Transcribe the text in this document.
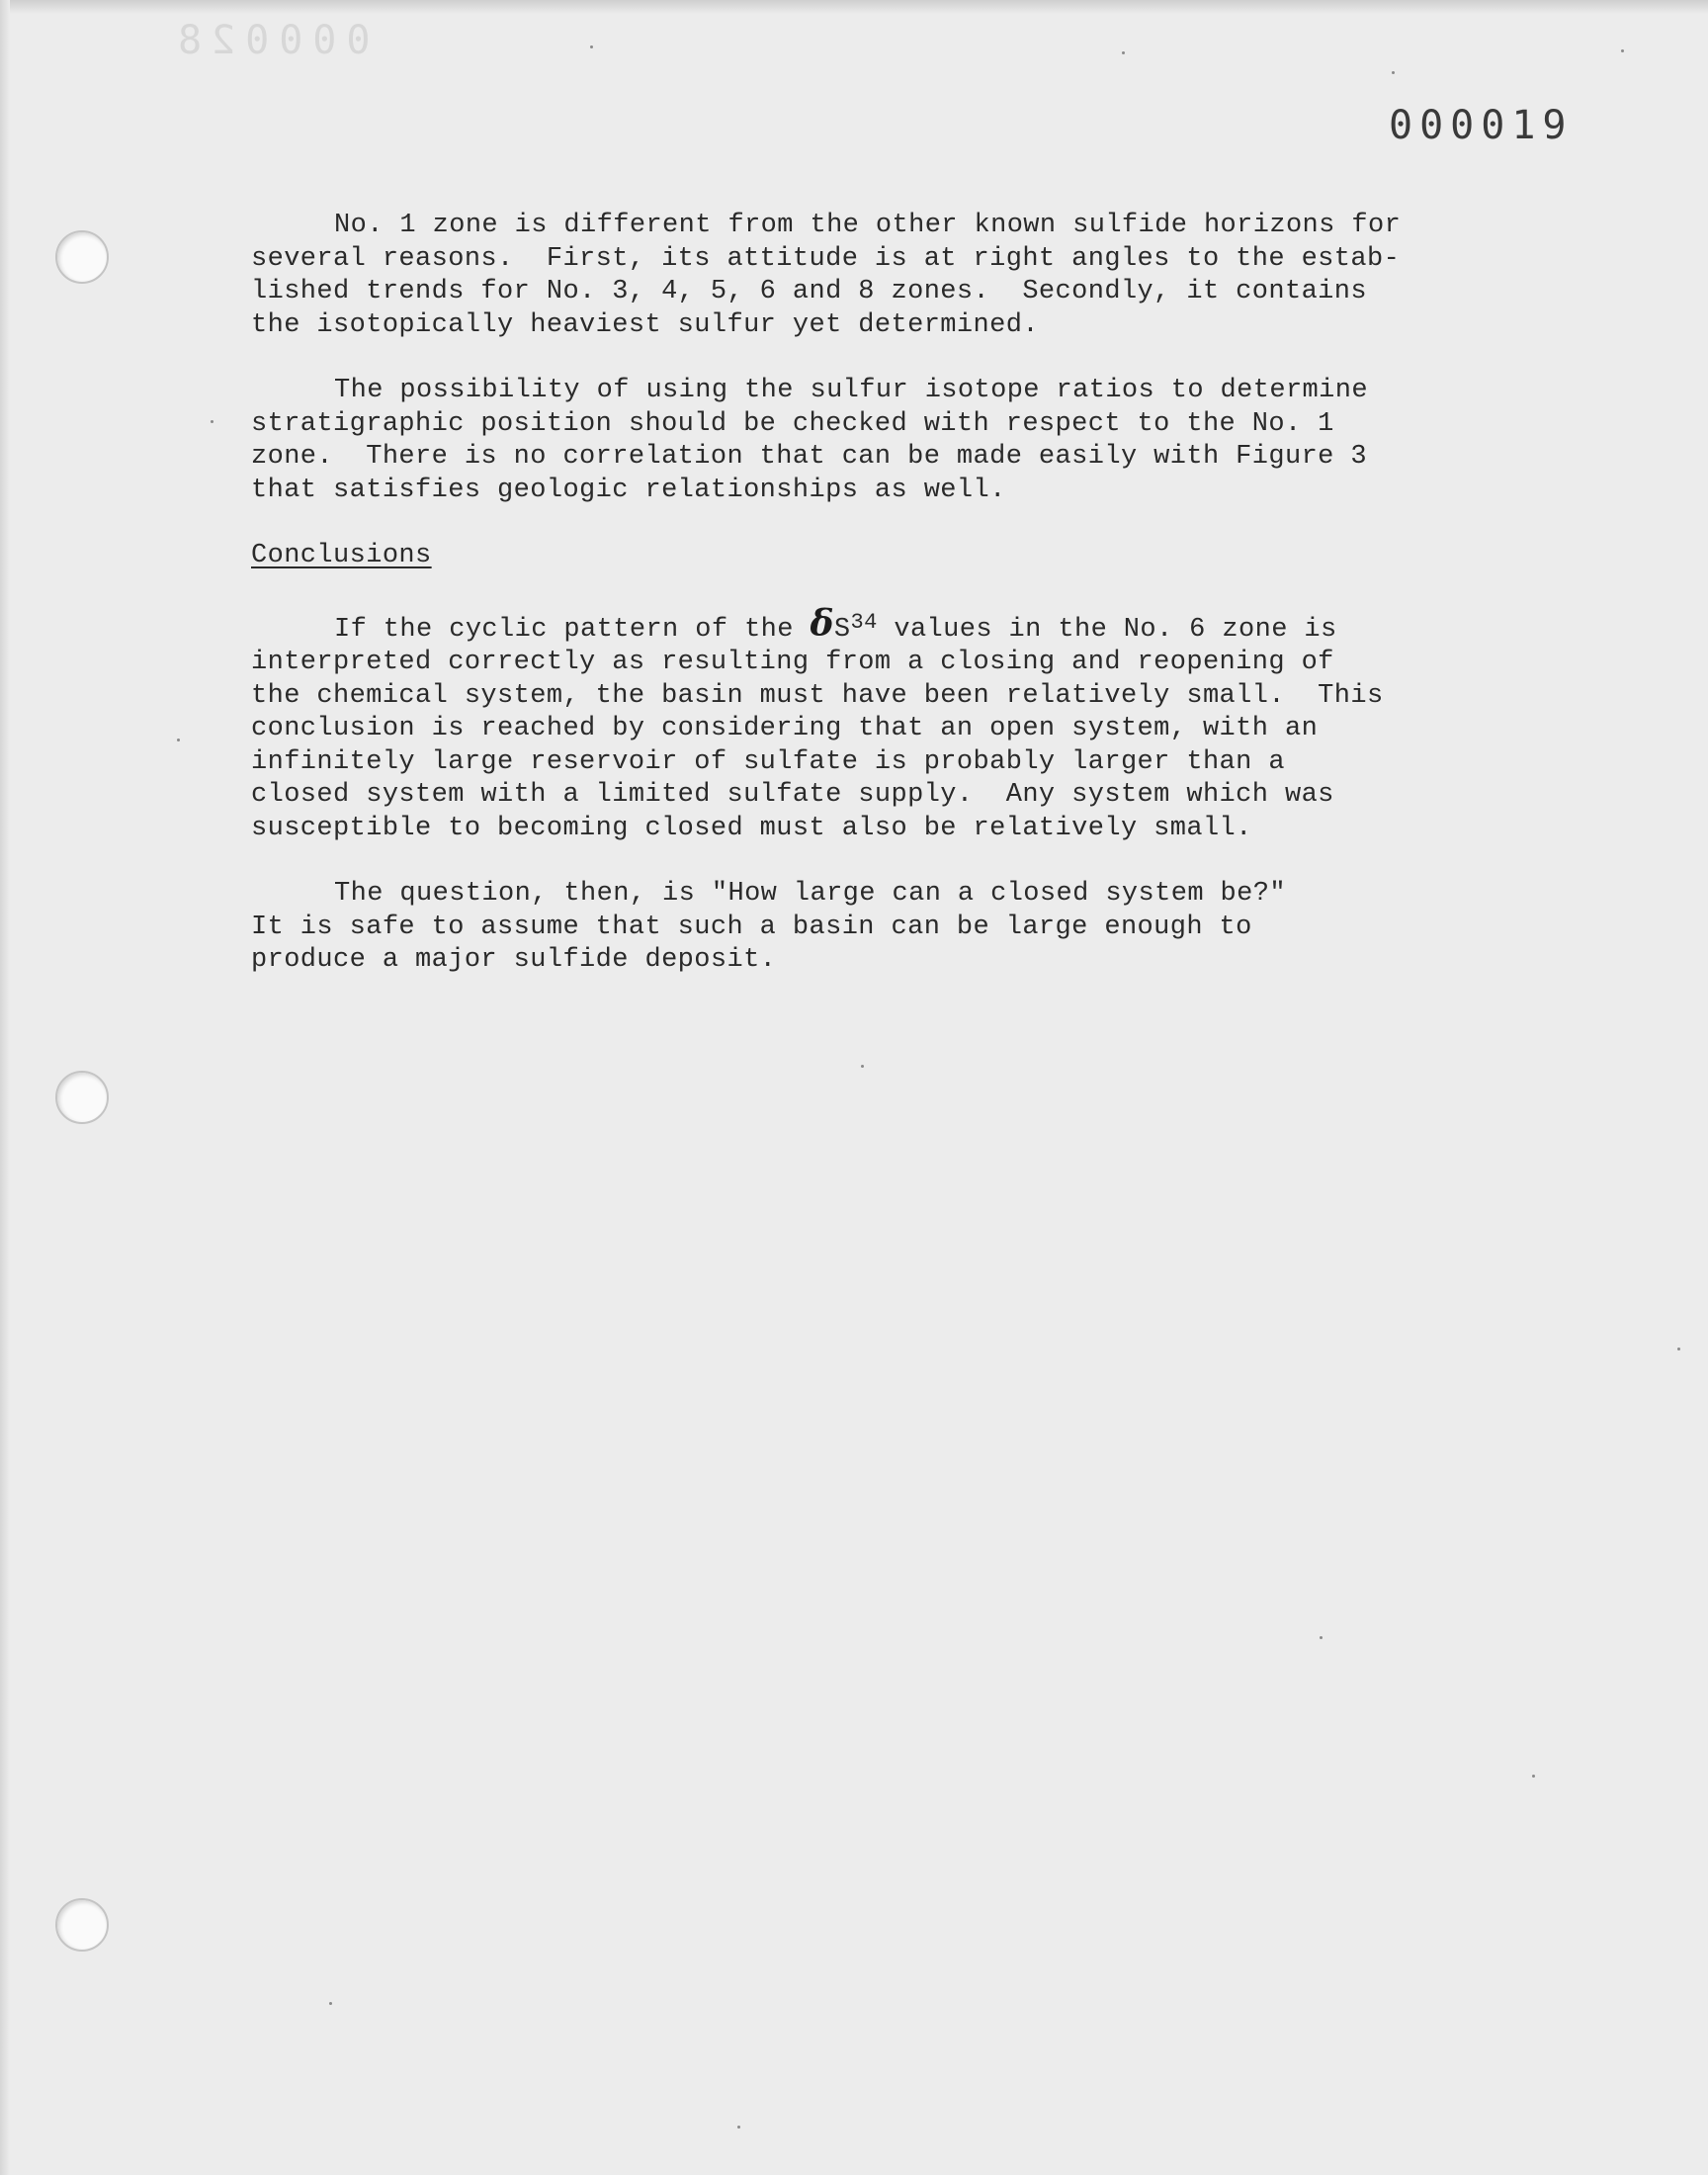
000028
000019
No. 1 zone is different from the other known sulfide horizons for
several reasons.  First, its attitude is at right angles to the estab-
lished trends for No. 3, 4, 5, 6 and 8 zones.  Secondly, it contains
the isotopically heaviest sulfur yet determined.
The possibility of using the sulfur isotope ratios to determine
stratigraphic position should be checked with respect to the No. 1
zone.  There is no correlation that can be made easily with Figure 3
that satisfies geologic relationships as well.
Conclusions
If the cyclic pattern of the $\delta S^{34}$ values in the No. 6 zone is
interpreted correctly as resulting from a closing and reopening of
the chemical system, the basin must have been relatively small.  This
conclusion is reached by considering that an open system, with an
infinitely large reservoir of sulfate is probably larger than a
closed system with a limited sulfate supply.  Any system which was
susceptible to becoming closed must also be relatively small.
The question, then, is "How large can a closed system be?"
It is safe to assume that such a basin can be large enough to
produce a major sulfide deposit.
